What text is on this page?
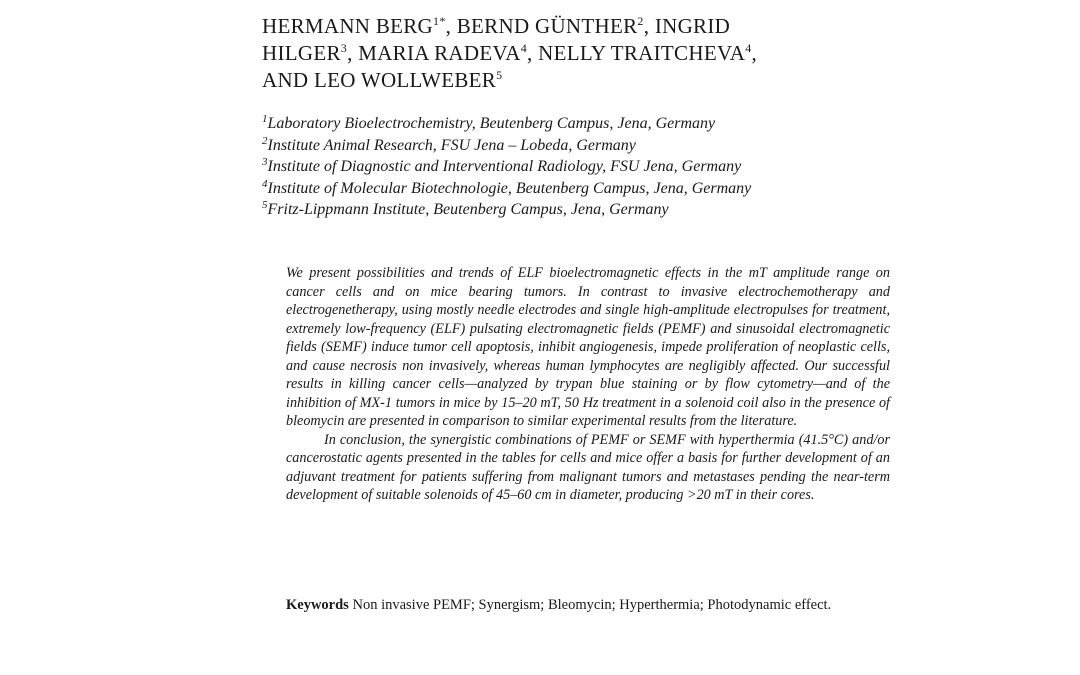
HERMANN $BERG^{1*}$, BERND GÜNTHER$^2$, INGRID
HILGER$^3$, MARIA RADEVA$^4$, NELLY TRAITCHEVA$^4$,
AND LEO WOLLWEBER$^5$
$^1$Laboratory Bioelectrochemistry, Beutenberg Campus, Jena, Germany
$^2$Institute Animal Research, FSU Jena – Lobeda, Germany
$^3$Institute of Diagnostic and Interventional Radiology, FSU Jena, Germany
$^4$Institute of Molecular Biotechnologie, Beutenberg Campus, Jena, Germany
$^5$Fritz-Lippmann Institute, Beutenberg Campus, Jena, Germany

We present possibilities and trends of ELF bioelectromagnetic effects in the mT amplitude range on cancer cells and on mice bearing tumors. In contrast to invasive electrochemotherapy and electrogenetherapy, using mostly needle electrodes and single high-amplitude electropulses for treatment, extremely low-frequency (ELF) pulsating electromagnetic fields (PEMF) and sinusoidal electromagnetic fields (SEMF) induce tumor cell apoptosis, inhibit angiogenesis, impede proliferation of neoplastic cells, and cause necrosis non invasively, whereas human lymphocytes are negligibly affected. Our successful results in killing cancer cells—analyzed by trypan blue staining or by flow cytometry—and of the inhibition of MX-1 tumors in mice by 15–20 mT, 50 Hz treatment in a solenoid coil also in the presence of bleomycin are presented in comparison to similar experimental results from the literature.

In conclusion, the synergistic combinations of PEMF or SEMF with hyperthermia (41.5°C) and/or cancerostatic agents presented in the tables for cells and mice offer a basis for further development of an adjuvant treatment for patients suffering from malignant tumors and metastases pending the near-term development of suitable solenoids of 45–60 cm in diameter, producing >20 mT in their cores.

Keywords Non invasive PEMF; Synergism; Bleomycin; Hyperthermia; Photodynamic effect.
